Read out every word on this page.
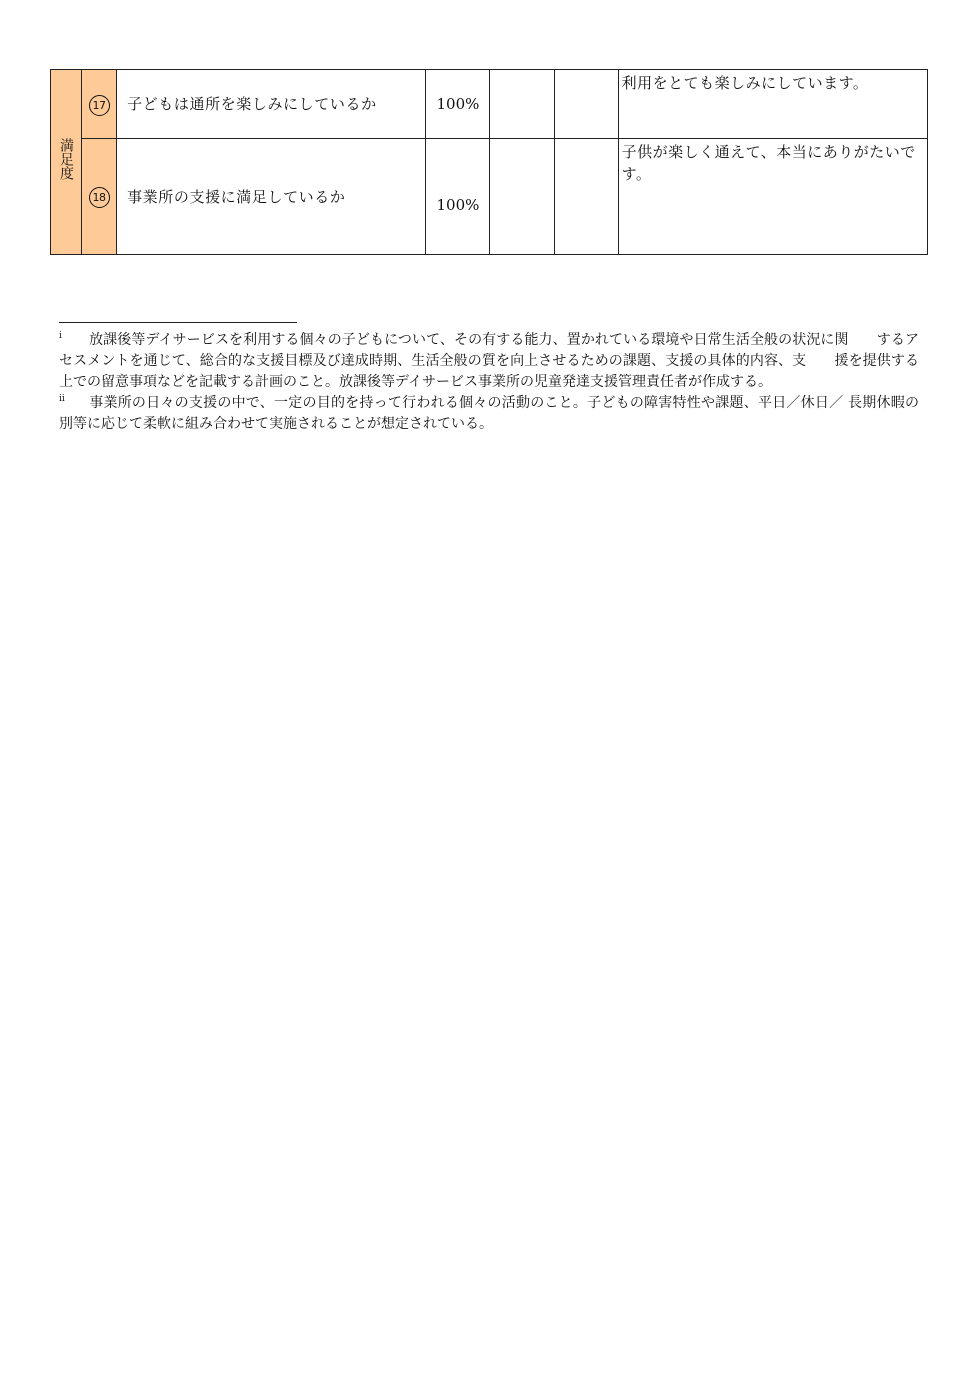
満足度	17	子どもは通所を楽しみにしているか	100%			利用をとても楽しみにしています。
	18	事業所の支援に満足しているか	100%			子供が楽しく通えて、本当にありがたいです。

i 放課後等デイサービスを利用する個々の子どもについて、その有する能力、置かれている環境や日常生活全般の状況に関　　するアセスメントを通じて、総合的な支援目標及び達成時期、生活全般の質を向上させるための課題、支援の具体的内容、支　　援を提供する上での留意事項などを記載する計画のこと。放課後等デイサービス事業所の児童発達支援管理責任者が作成する。

ii 事業所の日々の支援の中で、一定の目的を持って行われる個々の活動のこと。子どもの障害特性や課題、平日／休日／ 長期休暇の別等に応じて柔軟に組み合わせて実施されることが想定されている。
